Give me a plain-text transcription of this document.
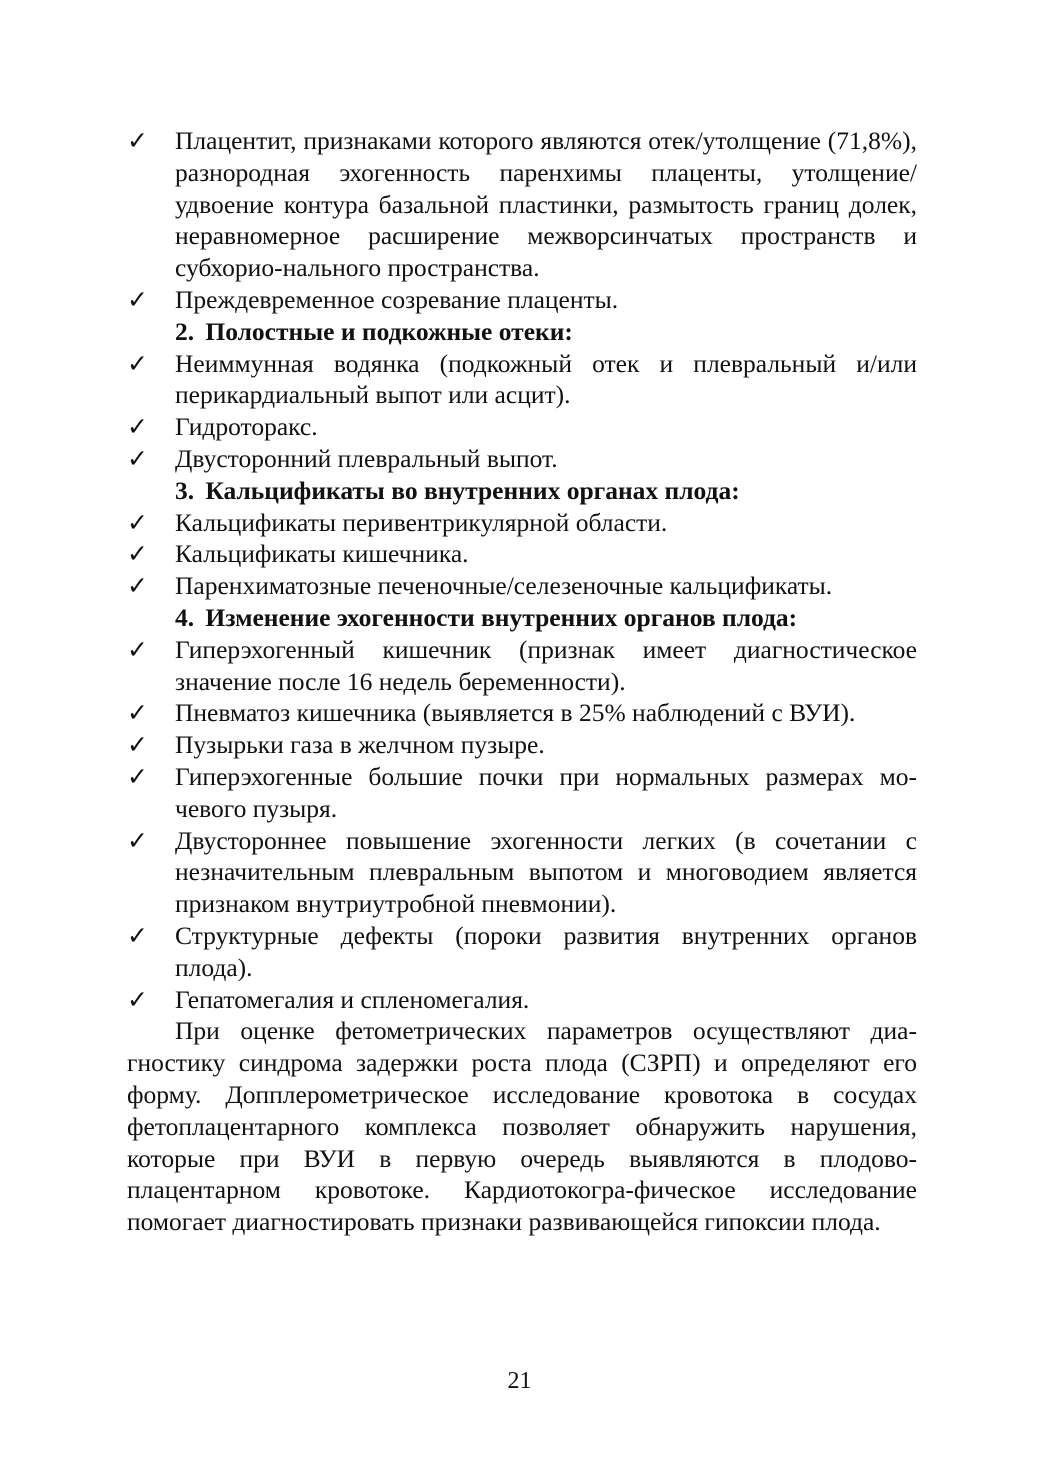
✓ Плацентит, признаками которого являются отек/утолщение (71,8%), разнородная эхогенность паренхимы плаценты, утолщение/удвоение контура базальной пластинки, размытость границ долек, неравномерное расширение межворсинчатых пространств и субхорио-нального пространства.
✓ Преждевременное созревание плаценты.
2. Полостные и подкожные отеки:
✓ Неиммунная водянка (подкожный отек и плевральный и/или перикардиальный выпот или асцит).
✓ Гидроторакс.
✓ Двусторонний плевральный выпот.
3. Кальцификаты во внутренних органах плода:
✓ Кальцификаты перивентрикулярной области.
✓ Кальцификаты кишечника.
✓ Паренхиматозные печеночные/селезеночные кальцификаты.
4. Изменение эхогенности внутренних органов плода:
✓ Гиперэхогенный кишечник (признак имеет диагностическое значение после 16 недель беременности).
✓ Пневматоз кишечника (выявляется в 25% наблюдений с ВУИ).
✓ Пузырьки газа в желчном пузыре.
✓ Гиперэхогенные большие почки при нормальных размерах мочевого пузыря.
✓ Двустороннее повышение эхогенности легких (в сочетании с незначительным плевральным выпотом и многоводием является признаком внутриутробной пневмонии).
✓ Структурные дефекты (пороки развития внутренних органов плода).
✓ Гепатомегалия и спленомегалия.
При оценке фетометрических параметров осуществляют диагностику синдрома задержки роста плода (СЗРП) и определяют его форму. Допплерометрическое исследование кровотока в сосудах фетоплацентарного комплекса позволяет обнаружить нарушения, которые при ВУИ в первую очередь выявляются в плодово-плацентарном кровотоке. Кардиотокогра-фическое исследование помогает диагностировать признаки развивающейся гипоксии плода.
21
